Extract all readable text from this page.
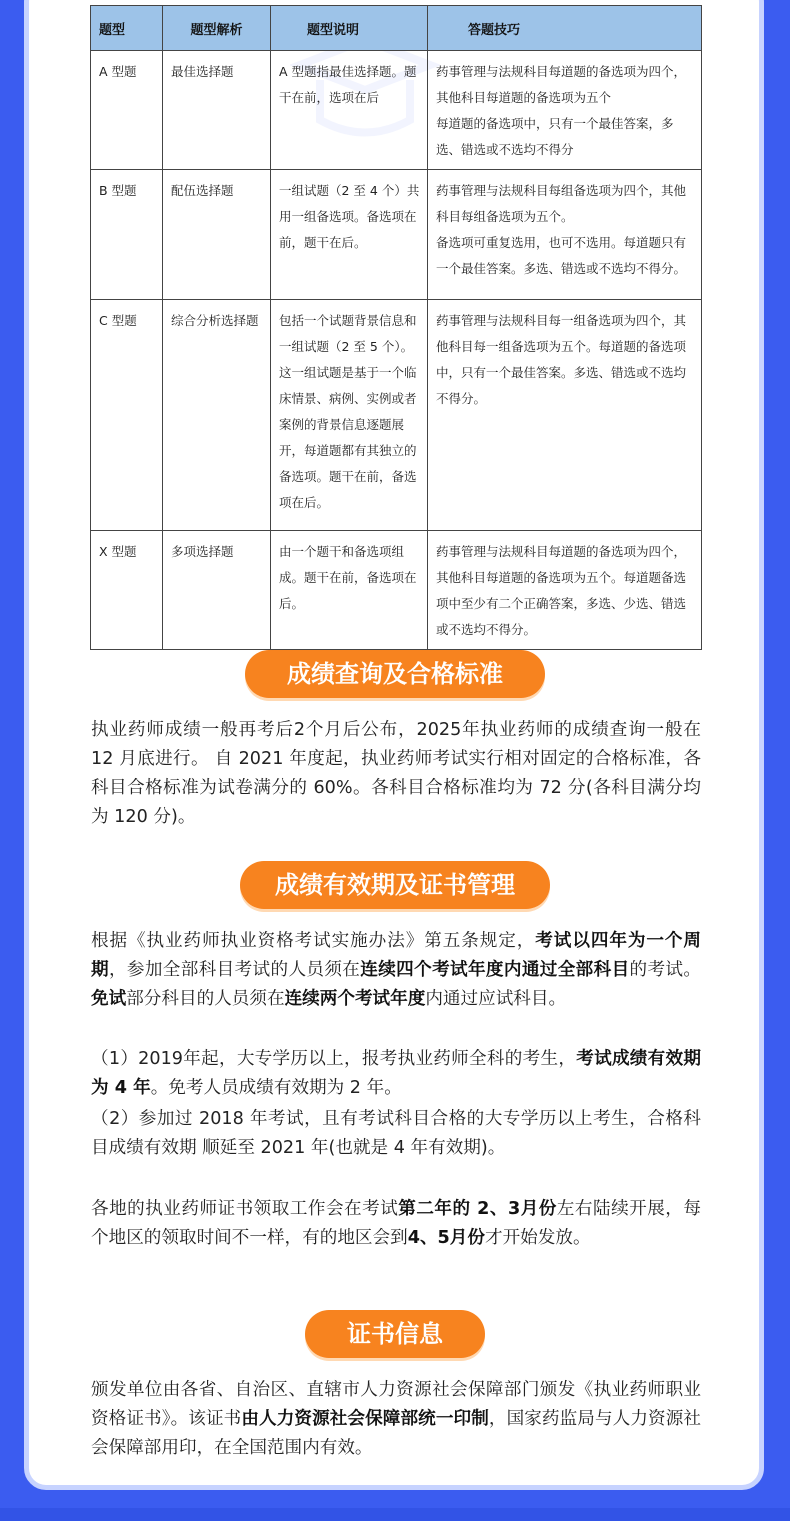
题型	题型解析	题型说明	答题技巧
A 型题	最佳选择题	A 型题指最佳选择题。题干在前，选项在后	药事管理与法规科目每道题的备选项为四个，其他科目每道题的备选项为五个
每道题的备选项中，只有一个最佳答案，多选、错选或不选均不得分
B 型题	配伍选择题	一组试题（2 至 4 个）共用一组备选项。备选项在前，题干在后。	药事管理与法规科目每组备选项为四个，其他科目每组备选项为五个。
备选项可重复选用，也可不选用。每道题只有一个最佳答案。多选、错选或不选均不得分。
C 型题	综合分析选择题	包括一个试题背景信息和一组试题（2 至 5 个）。这一组试题是基于一个临床情景、病例、实例或者案例的背景信息逐题展开，每道题都有其独立的备选项。题干在前，备选项在后。	药事管理与法规科目每一组备选项为四个，其他科目每一组备选项为五个。每道题的备选项中，只有一个最佳答案。多选、错选或不选均不得分。
X 型题	多项选择题	由一个题干和备选项组成。题干在前，备选项在后。	药事管理与法规科目每道题的备选项为四个，其他科目每道题的备选项为五个。每道题备选项中至少有二个正确答案，多选、少选、错选或不选均不得分。
成绩查询及合格标准
执业药师成绩一般再考后2个月后公布，2025年执业药师的成绩查询一般在 12 月底进行。 自 2021 年度起，执业药师考试实行相对固定的合格标准，各科目合格标准为试卷满分的 60%。各科目合格标准均为 72 分(各科目满分均为 120 分)。
成绩有效期及证书管理
根据《执业药师执业资格考试实施办法》第五条规定，考试以四年为一个周期，参加全部科目考试的人员须在连续四个考试年度内通过全部科目的考试。免试部分科目的人员须在连续两个考试年度内通过应试科目。
（1）2019年起，大专学历以上，报考执业药师全科的考生，考试成绩有效期为 4 年。免考人员成绩有效期为 2 年。
（2）参加过 2018 年考试，且有考试科目合格的大专学历以上考生，合格科目成绩有效期 顺延至 2021 年(也就是 4 年有效期)。
各地的执业药师证书领取工作会在考试第二年的 2、3月份左右陆续开展，每个地区的领取时间不一样，有的地区会到4、5月份才开始发放。
证书信息
颁发单位由各省、自治区、直辖市人力资源社会保障部门颁发《执业药师职业资格证书》。该证书由人力资源社会保障部统一印制，国家药监局与人力资源社会保障部用印，在全国范围内有效。
